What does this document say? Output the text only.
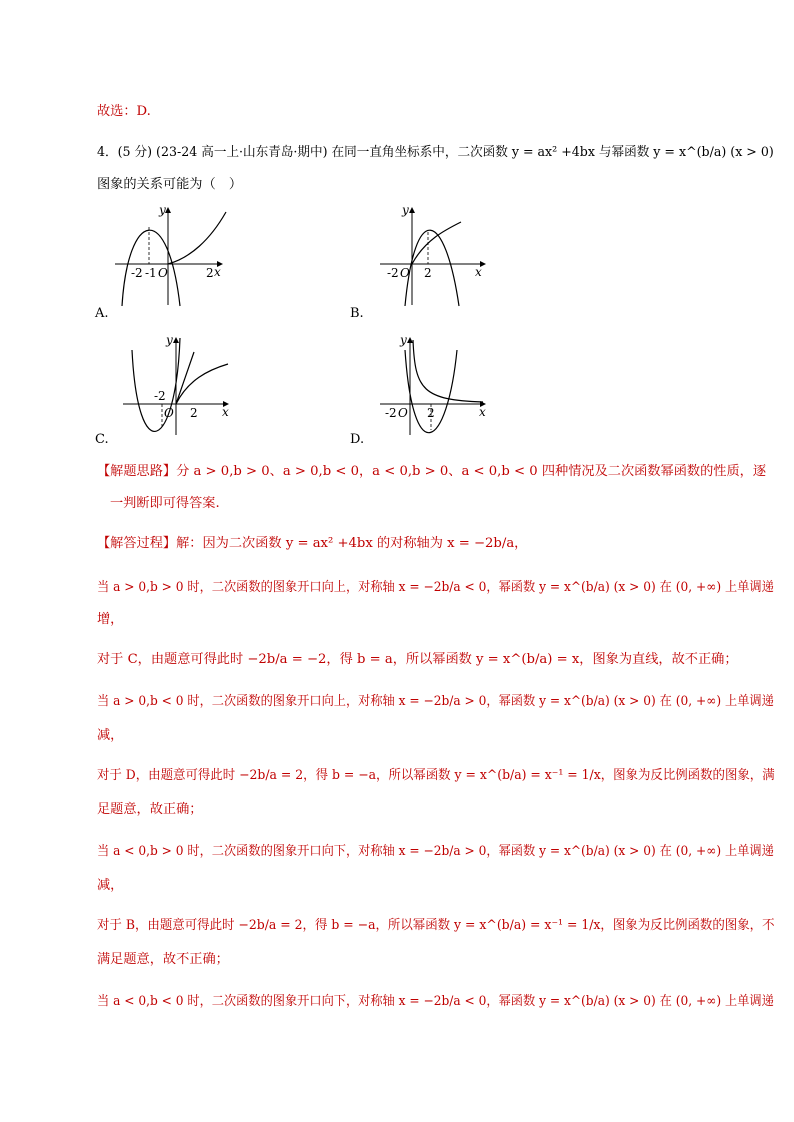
故选：D.
4．(5 分) (23-24 高一上·山东青岛·期中) 在同一直角坐标系中，二次函数 y = ax² +4bx 与幂函数 y = x^(b/a) (x > 0)
图象的关系可能为（　）
-2 -1 O	2 x
y
A.
-2 O 2	x
y
B.
-2
O 2 x
y
C.
-2 O 2	x
y
D.
【解题思路】分 a > 0,b > 0、a > 0,b < 0，a < 0,b > 0、a < 0,b < 0 四种情况及二次函数幂函数的性质，逐
一判断即可得答案.
【解答过程】解：因为二次函数 y = ax² +4bx 的对称轴为 x = −2b/a，
当 a > 0,b > 0 时，二次函数的图象开口向上，对称轴 x = −2b/a < 0，幂函数 y = x^(b/a) (x > 0) 在 (0, +∞) 上单调递
增，
对于 C，由题意可得此时 −2b/a = −2，得 b = a，所以幂函数 y = x^(b/a) = x，图象为直线，故不正确；
当 a > 0,b < 0 时，二次函数的图象开口向上，对称轴 x = −2b/a > 0，幂函数 y = x^(b/a) (x > 0) 在 (0, +∞) 上单调递
减，
对于 D，由题意可得此时 −2b/a = 2，得 b = −a，所以幂函数 y = x^(b/a) = x⁻¹ = 1/x，图象为反比例函数的图象，满
足题意，故正确；
当 a < 0,b > 0 时，二次函数的图象开口向下，对称轴 x = −2b/a > 0，幂函数 y = x^(b/a) (x > 0) 在 (0, +∞) 上单调递
减，
对于 B，由题意可得此时 −2b/a = 2，得 b = −a，所以幂函数 y = x^(b/a) = x⁻¹ = 1/x，图象为反比例函数的图象，不
满足题意，故不正确；
当 a < 0,b < 0 时，二次函数的图象开口向下，对称轴 x = −2b/a < 0，幂函数 y = x^(b/a) (x > 0) 在 (0, +∞) 上单调递
